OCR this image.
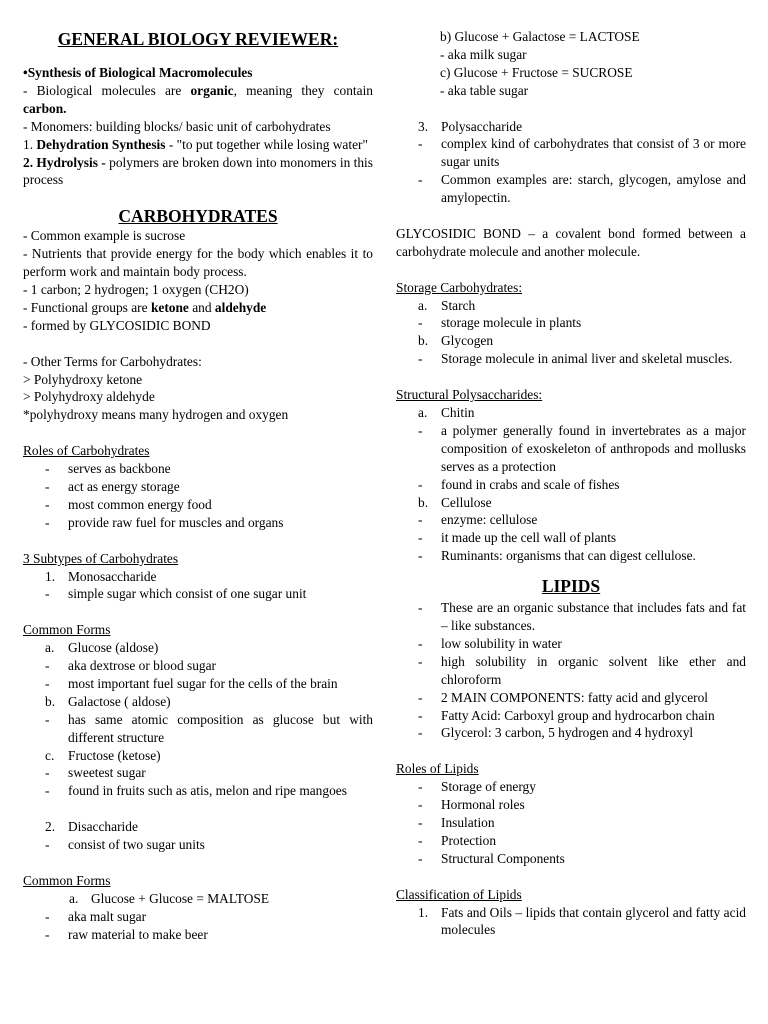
GENERAL BIOLOGY REVIEWER:

•Synthesis of Biological Macromolecules

- Biological molecules are organic, meaning they contain carbon.

- Monomers: building blocks/ basic unit of carbohydrates

1. Dehydration Synthesis - "to put together while losing water"

2. Hydrolysis - polymers are broken down into monomers in this process

CARBOHYDRATES

- Common example is sucrose

- Nutrients that provide energy for the body which enables it to perform work and maintain body process.

- 1 carbon; 2 hydrogen; 1 oxygen (CH2O)

- Functional groups are ketone and aldehyde

- formed by GLYCOSIDIC BOND

- Other Terms for Carbohydrates:

> Polyhydroxy ketone

> Polyhydroxy aldehyde

*polyhydroxy means many hydrogen and oxygen

Roles of Carbohydrates

- serves as backbone
- act as energy storage
- most common energy food
- provide raw fuel for muscles and organs

3 Subtypes of Carbohydrates

1. Monosaccharide
- simple sugar which consist of one sugar unit

Common Forms

a. Glucose (aldose)
- aka dextrose or blood sugar
- most important fuel sugar for the cells of the brain
b. Galactose ( aldose)
- has same atomic composition as glucose but with different structure
c. Fructose (ketose)
- sweetest sugar
- found in fruits such as atis, melon and ripe mangoes
2. Disaccharide
- consist of two sugar units

Common Forms

a. Glucose + Glucose = MALTOSE
- aka malt sugar
- raw material to make beer

b) Glucose + Galactose = LACTOSE

- aka milk sugar

c) Glucose + Fructose = SUCROSE

- aka table sugar

3. Polysaccharide
- complex kind of carbohydrates that consist of 3 or more sugar units
- Common examples are: starch, glycogen, amylose and amylopectin.

GLYCOSIDIC BOND – a covalent bond formed between a carbohydrate molecule and another molecule.

Storage Carbohydrates:

a. Starch
- storage molecule in plants
b. Glycogen
- Storage molecule in animal liver and skeletal muscles.

Structural Polysaccharides:

a. Chitin
- a polymer generally found in invertebrates as a major composition of exoskeleton of anthropods and mollusks serves as a protection
- found in crabs and scale of fishes
b. Cellulose
- enzyme: cellulose
- it made up the cell wall of plants
- Ruminants: organisms that can digest cellulose.

LIPIDS

- These are an organic substance that includes fats and fat – like substances.
- low solubility in water
- high solubility in organic solvent like ether and chloroform
- 2 MAIN COMPONENTS: fatty acid and glycerol
- Fatty Acid: Carboxyl group and hydrocarbon chain
- Glycerol: 3 carbon, 5 hydrogen and 4 hydroxyl

Roles of Lipids

- Storage of energy
- Hormonal roles
- Insulation
- Protection
- Structural Components

Classification of Lipids

1. Fats and Oils – lipids that contain glycerol and fatty acid molecules
